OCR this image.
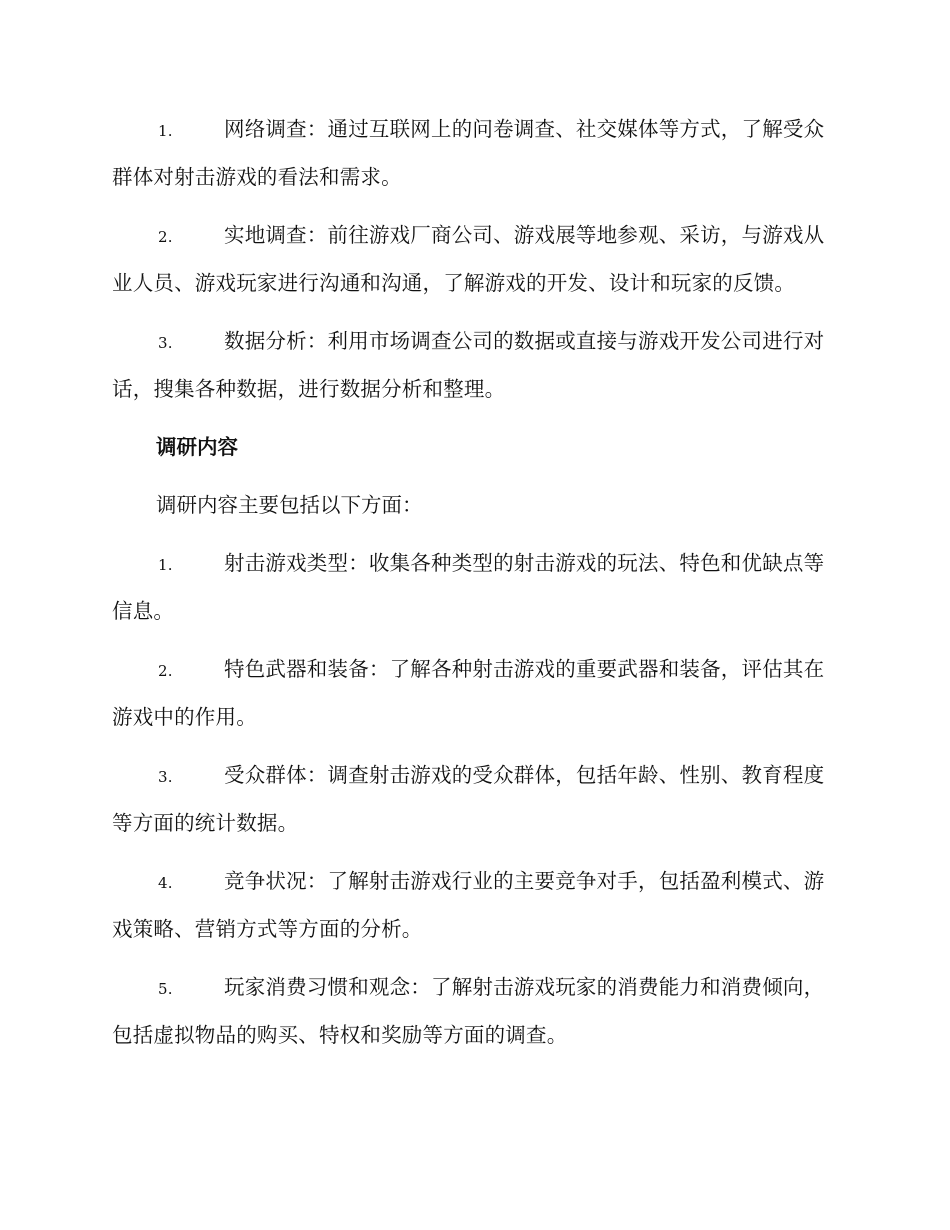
1.	网络调查：通过互联网上的问卷调查、社交媒体等方式，了解受众群体对射击游戏的看法和需求。

2.	实地调查：前往游戏厂商公司、游戏展等地参观、采访，与游戏从业人员、游戏玩家进行沟通和沟通，了解游戏的开发、设计和玩家的反馈。

3.	数据分析：利用市场调查公司的数据或直接与游戏开发公司进行对话，搜集各种数据，进行数据分析和整理。

调研内容

调研内容主要包括以下方面：

1.	射击游戏类型：收集各种类型的射击游戏的玩法、特色和优缺点等信息。

2.	特色武器和装备：了解各种射击游戏的重要武器和装备，评估其在游戏中的作用。

3.	受众群体：调查射击游戏的受众群体，包括年龄、性别、教育程度等方面的统计数据。

4.	竞争状况：了解射击游戏行业的主要竞争对手，包括盈利模式、游戏策略、营销方式等方面的分析。

5.	玩家消费习惯和观念：了解射击游戏玩家的消费能力和消费倾向，包括虚拟物品的购买、特权和奖励等方面的调查。
